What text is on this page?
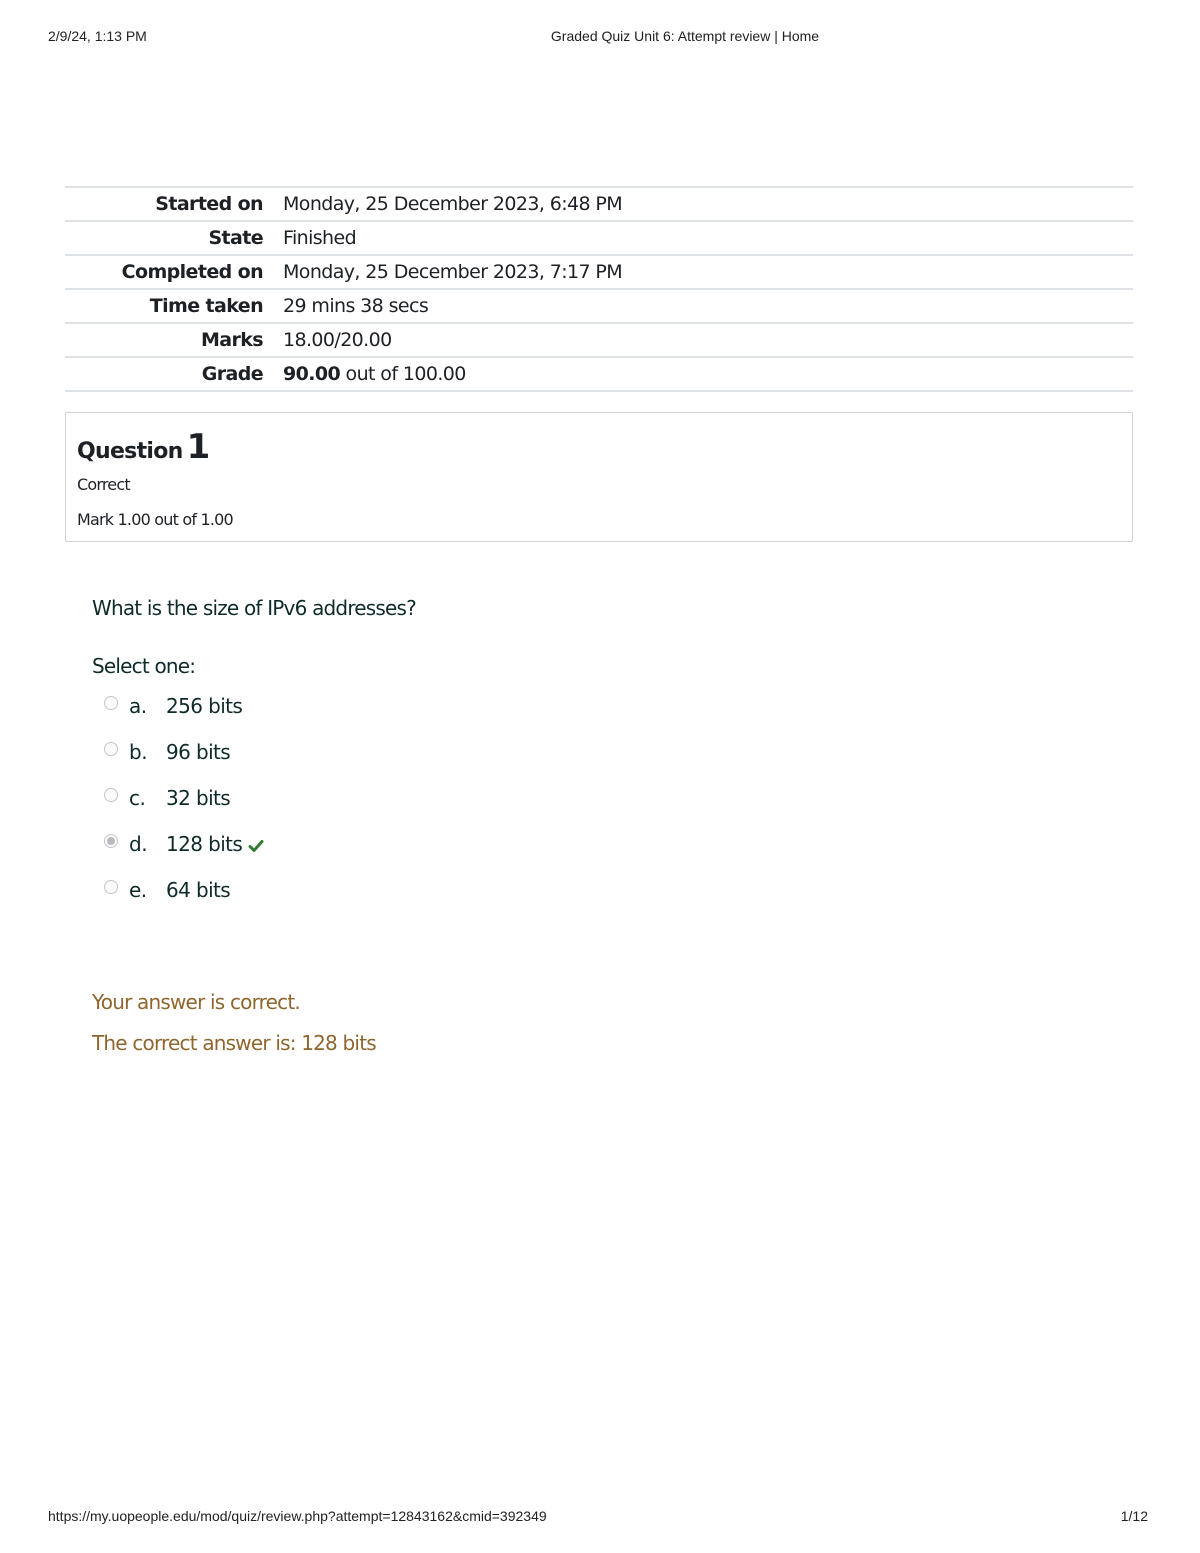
2/9/24, 1:13 PM	Graded Quiz Unit 6: Attempt review | Home
Started on	Monday, 25 December 2023, 6:48 PM
State	Finished
Completed on	Monday, 25 December 2023, 7:17 PM
Time taken	29 mins 38 secs
Marks	18.00/20.00
Grade	90.00 out of 100.00
Question 1
Correct
Mark 1.00 out of 1.00
What is the size of IPv6 addresses?
Select one:
a. 256 bits
b. 96 bits
c. 32 bits
d. 128 bits
e. 64 bits
Your answer is correct.
The correct answer is: 128 bits
https://my.uopeople.edu/mod/quiz/review.php?attempt=12843162&cmid=392349	1/12
